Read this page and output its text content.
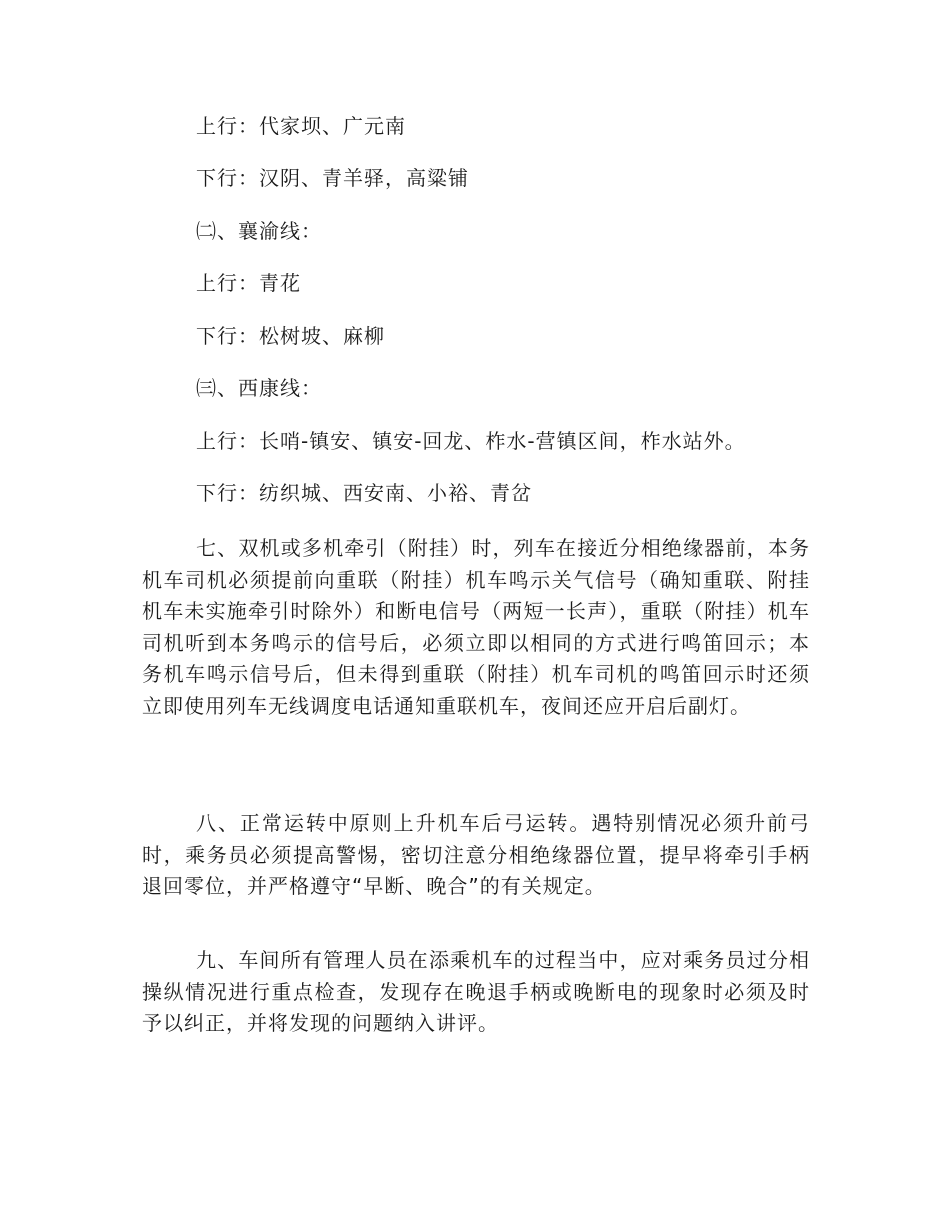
上行：代家坝、广元南
下行：汉阴、青羊驿，高粱铺
㈡、襄渝线：
上行：青花
下行：松树坡、麻柳
㈢、西康线：
上行：长哨-镇安、镇安-回龙、柞水-营镇区间，柞水站外。
下行：纺织城、西安南、小裕、青岔
七、双机或多机牵引（附挂）时，列车在接近分相绝缘器前，本务机车司机必须提前向重联（附挂）机车鸣示关气信号（确知重联、附挂机车未实施牵引时除外）和断电信号（两短一长声），重联（附挂）机车司机听到本务鸣示的信号后，必须立即以相同的方式进行鸣笛回示；本务机车鸣示信号后，但未得到重联（附挂）机车司机的鸣笛回示时还须立即使用列车无线调度电话通知重联机车，夜间还应开启后副灯。
八、正常运转中原则上升机车后弓运转。遇特别情况必须升前弓时，乘务员必须提高警惕，密切注意分相绝缘器位置，提早将牵引手柄退回零位，并严格遵守“早断、晚合”的有关规定。
九、车间所有管理人员在添乘机车的过程当中，应对乘务员过分相操纵情况进行重点检查，发现存在晚退手柄或晚断电的现象时必须及时予以纠正，并将发现的问题纳入讲评。
